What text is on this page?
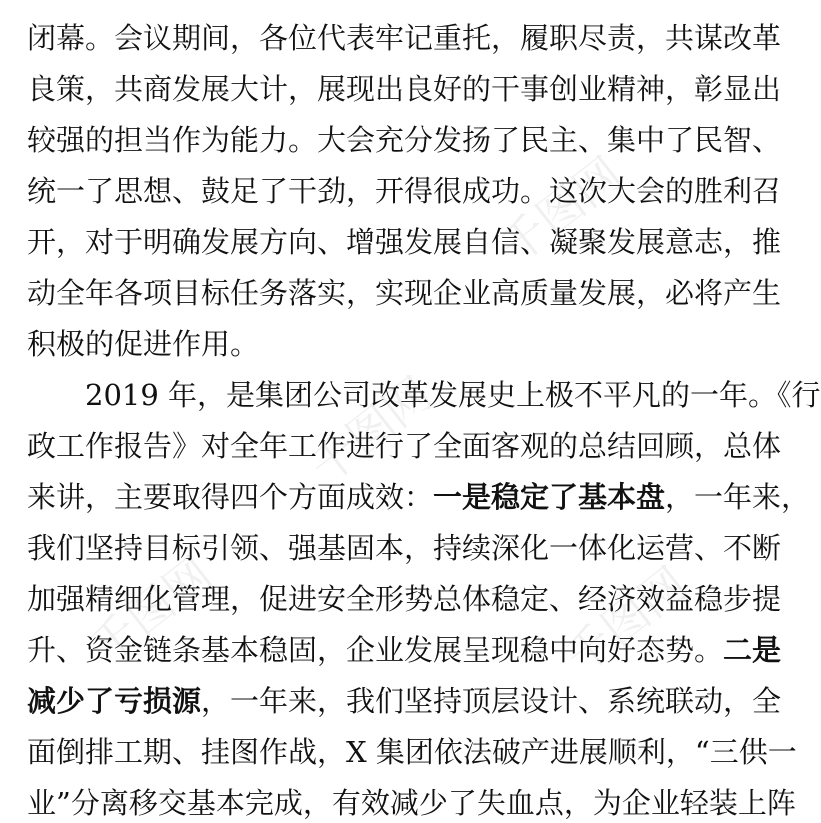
千图网
千图网
千图网
千图网
闭幕。会议期间，各位代表牢记重托，履职尽责，共谋改革
良策，共商发展大计，展现出良好的干事创业精神，彰显出
较强的担当作为能力。大会充分发扬了民主、集中了民智、
统一了思想、鼓足了干劲，开得很成功。这次大会的胜利召
开，对于明确发展方向、增强发展自信、凝聚发展意志，推
动全年各项目标任务落实，实现企业高质量发展，必将产生
积极的促进作用。
2019 年，是集团公司改革发展史上极不平凡的一年。《行
政工作报告》对全年工作进行了全面客观的总结回顾，总体
来讲，主要取得四个方面成效：一是稳定了基本盘，一年来，
我们坚持目标引领、强基固本，持续深化一体化运营、不断
加强精细化管理，促进安全形势总体稳定、经济效益稳步提
升、资金链条基本稳固，企业发展呈现稳中向好态势。二是
减少了亏损源，一年来，我们坚持顶层设计、系统联动，全
面倒排工期、挂图作战，X 集团依法破产进展顺利，“三供一
业”分离移交基本完成，有效减少了失血点，为企业轻装上阵
